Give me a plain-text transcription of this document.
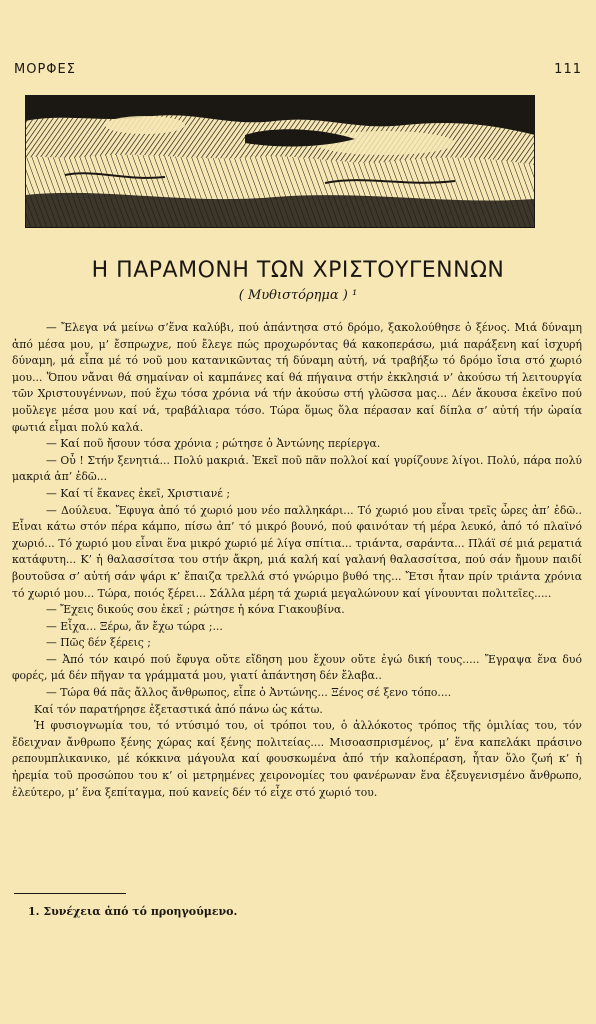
ΜΟΡΦΕΣ	111
Η ΠΑΡΑΜΟΝΗ ΤΩΝ ΧΡΙΣΤΟΥΓΕΝΝΩΝ
( Μυθιστόρημα ) ¹

— Ἔλεγα νά μείνω σ’ἕνα καλύβι, πού ἀπάντησα στό δρόμο, ξακολούθησε ὁ ξένος. Μιά δύναμη ἀπό μέσα μου, μ’ ἔσπρωχνε, πού ἔλεγε πώς προχωρόντας θά κακοπεράσω, μιά παράξενη καί ἰσχυρή δύναμη, μά εἶπα μέ τό νοῦ μου κατανικῶντας τή δύναμη αὐτή, νά τραβήξω τό δρόμο ἴσια στό χωριό μου... Ὅπου νἄναι θά σημαίναν οἱ καμπάνες καί θά πήγαινα στήν ἐκκλησιά ν’ ἀκούσω τή λειτουργία τῶν Χριστουγέννων, πού ἔχω τόσα χρόνια νά τήν ἀκούσω στή γλῶσσα μας... Δέν ἄκουσα ἐκεῖνο πού μοὔλεγε μέσα μου καί νά, τραβάλιαρα τόσο. Τώρα ὅμως ὅλα πέρασαν καί δίπλα σ’ αὐτή τήν ὡραία φωτιά εἶμαι πολύ καλά.

— Καί ποῦ ἤσουν τόσα χρόνια ; ρώτησε ὁ Ἀντώνης περίεργα.

— Οὖ ! Στήν ξενητιά... Πολύ μακριά. Ἐκεῖ ποῦ πᾶν πολλοί καί γυρίζουνε λίγοι. Πολύ, πάρα πολύ μακριά ἀπ’ ἐδῶ...

— Καί τί ἔκανες ἐκεῖ, Χριστιανέ ;

— Δούλευα. Ἔφυγα ἀπό τό χωριό μου νέο παλληκάρι... Τό χωριό μου εἶναι τρεῖς ὧρες ἀπ’ ἐδῶ.. Εἶναι κάτω στόν πέρα κάμπο, πίσω ἀπ’ τό μικρό βουνό, πού φαινόταν τή μέρα λευκό, ἀπό τό πλαϊνό χωριό... Τό χωριό μου εἶναι ἕνα μικρό χωριό μέ λίγα σπίτια... τριάντα, σαράντα... Πλάϊ σέ μιά ρεματιά κατάφυτη... Κ’ ἡ θαλασσίτσα του στήν ἄκρη, μιά καλή καί γαλανή θαλασσίτσα, πού σάν ἤμουν παιδί βουτοῦσα σ’ αὐτή σάν ψάρι κ’ ἔπαιζα τρελλά στό γνώριμο βυθό της... Ἔτσι ἦταν πρίν τριάντα χρόνια τό χωριό μου... Τώρα, ποιός ξέρει... Σάλλα μέρη τά χωριά μεγαλώνουν καί γίνουνται πολιτεῖες.....

— Ἔχεις δικούς σου ἐκεῖ ; ρώτησε ἡ κόνα Γιακουβίνα.

— Εἶχα... Ξέρω, ἄν ἔχω τώρα ;...

— Πῶς δέν ξέρεις ;

— Ἀπό τόν καιρό πού ἔφυγα οὔτε εἴδηση μου ἔχουν οὔτε ἐγώ δική τους..... Ἔγραψα ἕνα δυό φορές, μά δέν πῆγαν τα γράμματά μου, γιατί ἀπάντηση δέν ἔλαβα..

— Τώρα θά πᾶς ἄλλος ἄνθρωπος, εἶπε ὁ Ἀντώνης... Ξένος σέ ξενο τόπο....

Καί τόν παρατήρησε ἐξεταστικά ἀπό πάνω ὡς κάτω.

Ἡ φυσιογνωμία του, τό ντύσιμό του, οἱ τρόποι του, ὁ ἀλλόκοτος τρόπος τῆς ὁμιλίας του, τόν ἔδειχναν ἄνθρωπο ξένης χώρας καί ξένης πολιτείας.... Μισοασπρισμένος, μ’ ἕνα καπελάκι πράσινο ρεπουμπλικανικο, μέ κόκκινα μάγουλα καί φουσκωμένα ἀπό τήν καλοπέραση, ἦταν ὅλο ζωή κ’ ἡ ἠρεμία τοῦ προσώπου του κ’ οἱ μετρημένες χειρονομίες του φανέρωναν ἕνα ἐξευγενισμένο ἄνθρωπο, ἐλεύτερο, μ’ ἕνα ξεπίταγμα, πού κανείς δέν τό εἶχε στό χωριό του.

1. Συνέχεια ἀπό τό προηγούμενο.
